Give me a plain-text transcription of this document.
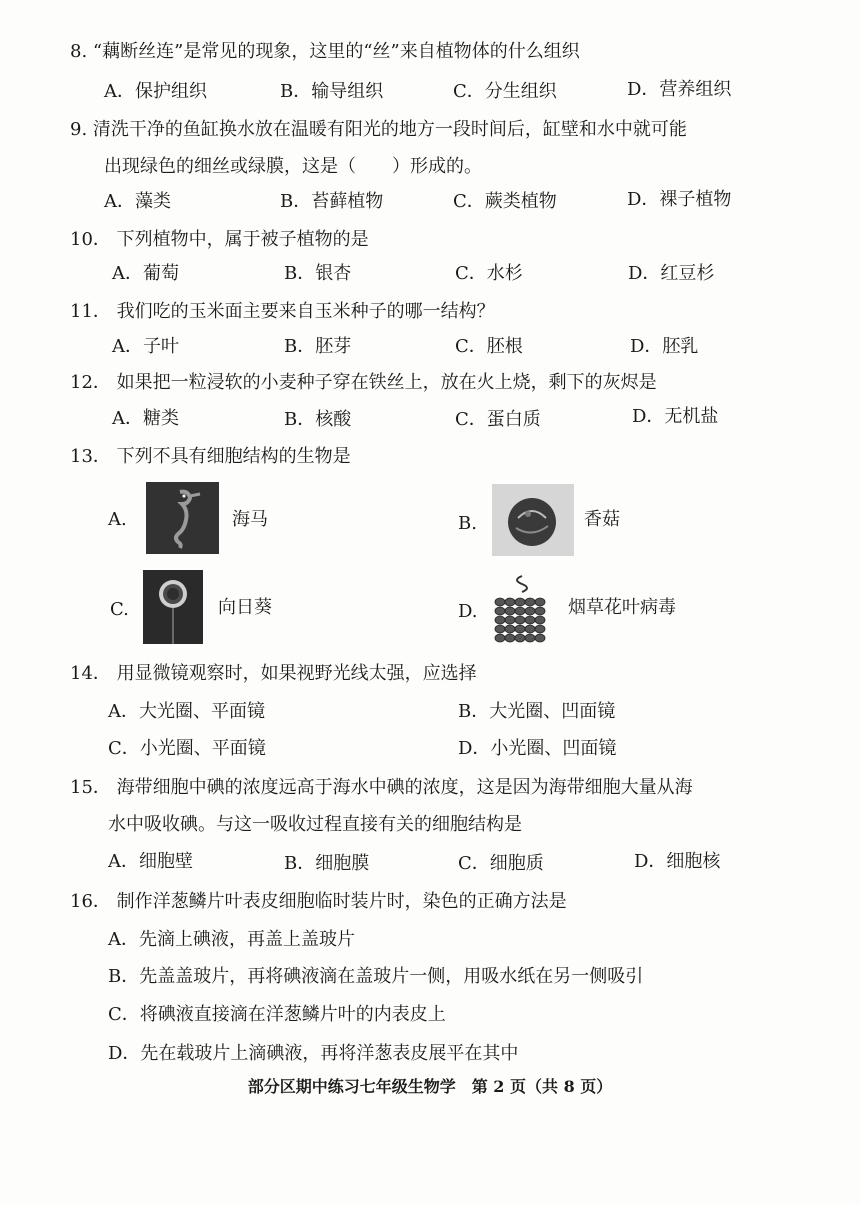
8. “藕断丝连”是常见的现象，这里的“丝”来自植物体的什么组织
A．保护组织	B．输导组织	C．分生组织	D．营养组织
9. 清洗干净的鱼缸换水放在温暖有阳光的地方一段时间后，缸壁和水中就可能
出现绿色的细丝或绿膜，这是（　　）形成的。
A．藻类	B．苔藓植物	C．蕨类植物	D．裸子植物
10． 下列植物中，属于被子植物的是
A．葡萄	B．银杏	C．水杉	D．红豆杉
11． 我们吃的玉米面主要来自玉米种子的哪一结构？
A．子叶	B．胚芽	C．胚根	D．胚乳
12． 如果把一粒浸软的小麦种子穿在铁丝上，放在火上烧，剩下的灰烬是
A．糖类	B．核酸	C．蛋白质	D．无机盐
13． 下列不具有细胞结构的生物是
A.	海马	B.	香菇
C.	向日葵	D.	烟草花叶病毒
14． 用显微镜观察时，如果视野光线太强，应选择
A．大光圈、平面镜	B．大光圈、凹面镜
C．小光圈、平面镜	D．小光圈、凹面镜
15． 海带细胞中碘的浓度远高于海水中碘的浓度，这是因为海带细胞大量从海
水中吸收碘。与这一吸收过程直接有关的细胞结构是
A．细胞壁	B．细胞膜	C．细胞质	D．细胞核
16． 制作洋葱鳞片叶表皮细胞临时装片时，染色的正确方法是
A．先滴上碘液，再盖上盖玻片
B．先盖盖玻片，再将碘液滴在盖玻片一侧，用吸水纸在另一侧吸引
C．将碘液直接滴在洋葱鳞片叶的内表皮上
D．先在载玻片上滴碘液，再将洋葱表皮展平在其中
部分区期中练习七年级生物学　第 2 页（共 8 页）
